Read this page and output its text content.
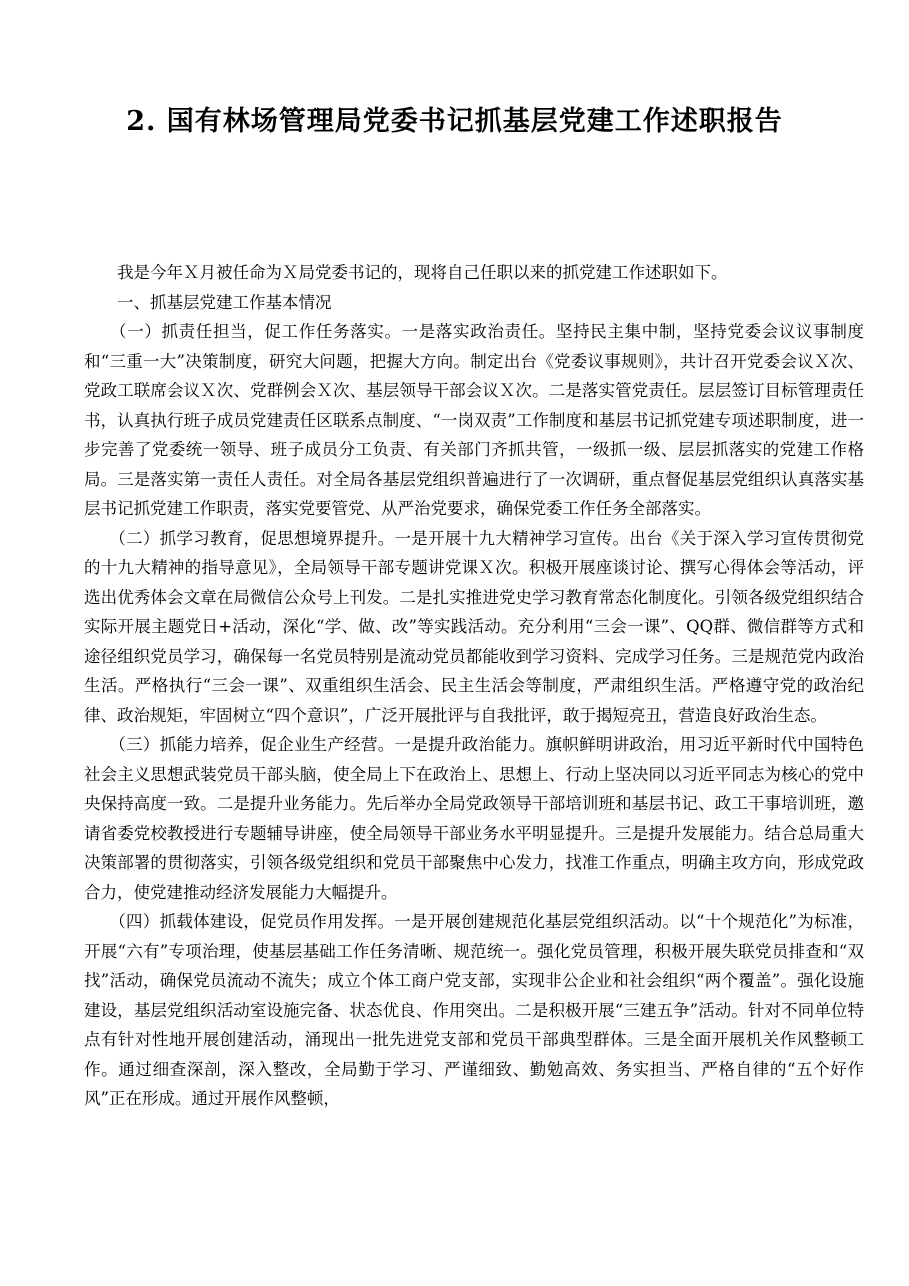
2. 国有林场管理局党委书记抓基层党建工作述职报告

　　我是今年Ｘ月被任命为Ｘ局党委书记的，现将自己任职以来的抓党建工作述职如下。

　　一、抓基层党建工作基本情况

　　（一）抓责任担当，促工作任务落实。一是落实政治责任。坚持民主集中制，坚持党委会议议事制度和“三重一大”决策制度，研究大问题，把握大方向。制定出台《党委议事规则》，共计召开党委会议Ｘ次、党政工联席会议Ｘ次、党群例会Ｘ次、基层领导干部会议Ｘ次。二是落实管党责任。层层签订目标管理责任书，认真执行班子成员党建责任区联系点制度、“一岗双责”工作制度和基层书记抓党建专项述职制度，进一步完善了党委统一领导、班子成员分工负责、有关部门齐抓共管，一级抓一级、层层抓落实的党建工作格局。三是落实第一责任人责任。对全局各基层党组织普遍进行了一次调研，重点督促基层党组织认真落实基层书记抓党建工作职责，落实党要管党、从严治党要求，确保党委工作任务全部落实。

　　（二）抓学习教育，促思想境界提升。一是开展十九大精神学习宣传。出台《关于深入学习宣传贯彻党的十九大精神的指导意见》，全局领导干部专题讲党课Ｘ次。积极开展座谈讨论、撰写心得体会等活动，评选出优秀体会文章在局微信公众号上刊发。二是扎实推进党史学习教育常态化制度化。引领各级党组织结合实际开展主题党日+活动，深化“学、做、改”等实践活动。充分利用“三会一课”、QQ群、微信群等方式和途径组织党员学习，确保每一名党员特别是流动党员都能收到学习资料、完成学习任务。三是规范党内政治生活。严格执行“三会一课”、双重组织生活会、民主生活会等制度，严肃组织生活。严格遵守党的政治纪律、政治规矩，牢固树立“四个意识”，广泛开展批评与自我批评，敢于揭短亮丑，营造良好政治生态。

　　（三）抓能力培养，促企业生产经营。一是提升政治能力。旗帜鲜明讲政治，用习近平新时代中国特色社会主义思想武装党员干部头脑，使全局上下在政治上、思想上、行动上坚决同以习近平同志为核心的党中央保持高度一致。二是提升业务能力。先后举办全局党政领导干部培训班和基层书记、政工干事培训班，邀请省委党校教授进行专题辅导讲座，使全局领导干部业务水平明显提升。三是提升发展能力。结合总局重大决策部署的贯彻落实，引领各级党组织和党员干部聚焦中心发力，找准工作重点，明确主攻方向，形成党政合力，使党建推动经济发展能力大幅提升。

　　（四）抓载体建设，促党员作用发挥。一是开展创建规范化基层党组织活动。以“十个规范化”为标准，开展“六有”专项治理，使基层基础工作任务清晰、规范统一。强化党员管理，积极开展失联党员排查和“双找”活动，确保党员流动不流失；成立个体工商户党支部，实现非公企业和社会组织“两个覆盖”。强化设施建设，基层党组织活动室设施完备、状态优良、作用突出。二是积极开展“三建五争”活动。针对不同单位特点有针对性地开展创建活动，涌现出一批先进党支部和党员干部典型群体。三是全面开展机关作风整顿工作。通过细查深剖，深入整改，全局勤于学习、严谨细致、勤勉高效、务实担当、严格自律的“五个好作风”正在形成。通过开展作风整顿，
